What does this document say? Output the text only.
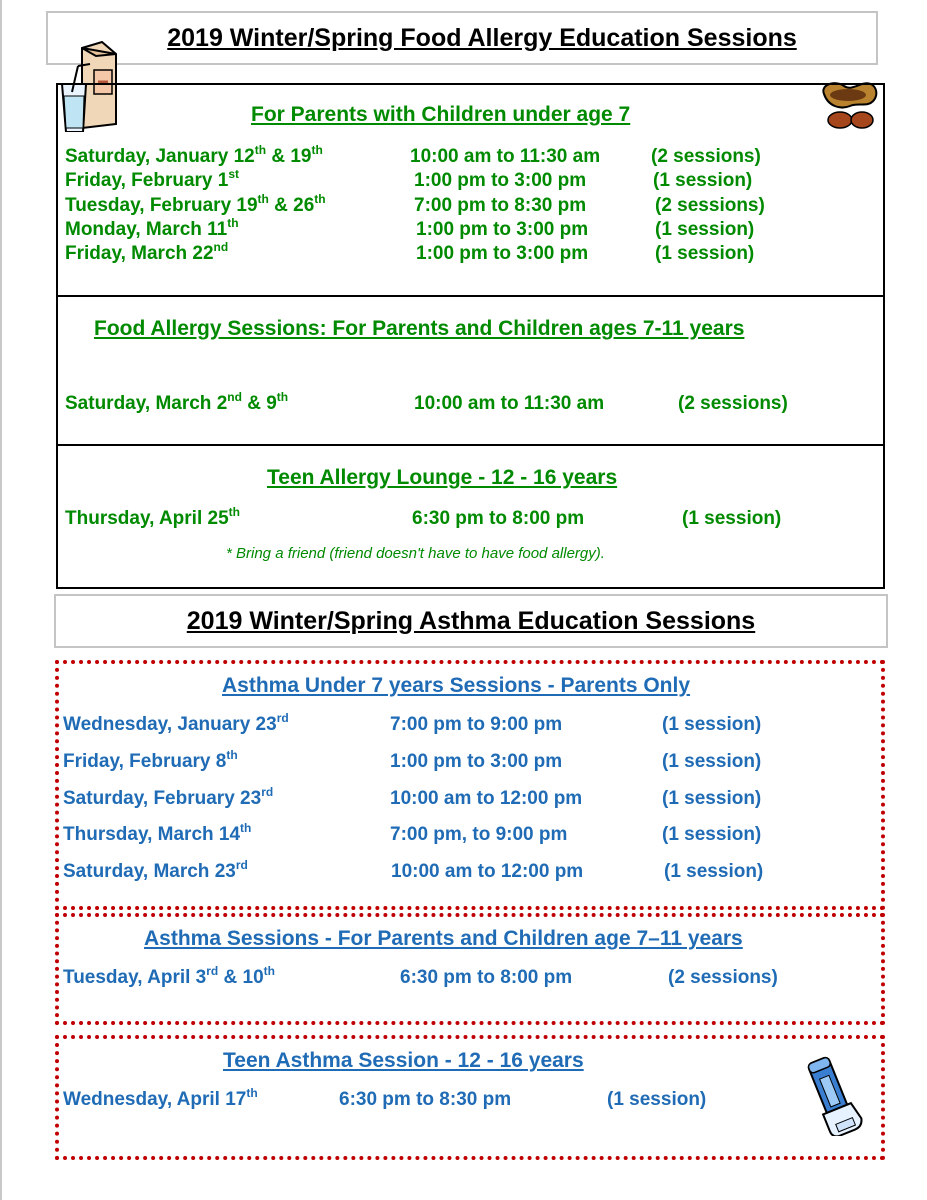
2019 Winter/Spring Food Allergy Education Sessions
For Parents with Children under age 7
Saturday, January 12th & 19th	10:00 am to 11:30 am	(2 sessions)
Friday, February 1st	1:00 pm to 3:00 pm	(1 session)
Tuesday, February 19th & 26th	7:00 pm to 8:30 pm	(2 sessions)
Monday, March 11th	1:00 pm to 3:00 pm	(1 session)
Friday, March 22nd	1:00 pm to 3:00 pm	(1 session)
Food Allergy Sessions: For Parents and Children ages 7-11 years
Saturday, March 2nd & 9th	10:00 am to 11:30 am	(2 sessions)
Teen Allergy Lounge - 12 - 16 years
Thursday, April 25th	6:30 pm to 8:00 pm	(1 session)
* Bring a friend (friend doesn't have to have food allergy).
2019 Winter/Spring Asthma Education Sessions
Asthma Under 7 years Sessions - Parents Only
Wednesday, January 23rd	7:00 pm to 9:00 pm	(1 session)
Friday, February 8th	1:00 pm to 3:00 pm	(1 session)
Saturday, February 23rd	10:00 am to 12:00 pm	(1 session)
Thursday, March 14th	7:00 pm, to 9:00 pm	(1 session)
Saturday, March 23rd	10:00 am to 12:00 pm	(1 session)
Asthma Sessions - For Parents and Children age 7–11 years
Tuesday, April 3rd & 10th	6:30 pm to 8:00 pm	(2 sessions)
Teen Asthma Session - 12 - 16 years
Wednesday, April 17th	6:30 pm to 8:30 pm	(1 session)
